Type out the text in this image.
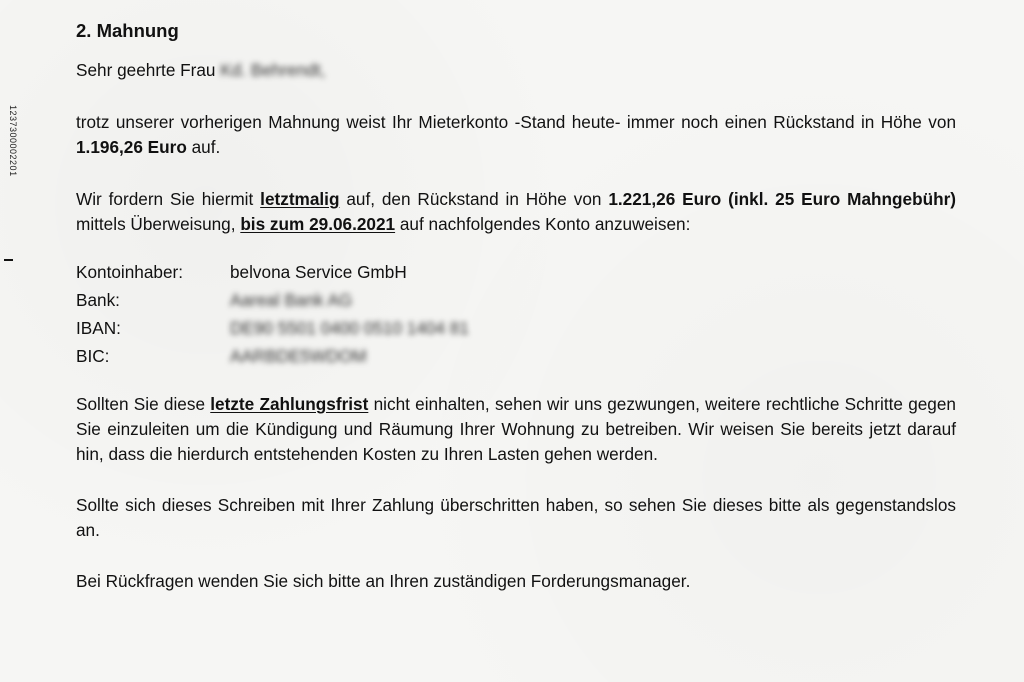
1237300002201
2. Mahnung

Sehr geehrte Frau Kd. Behrendt,

trotz unserer vorherigen Mahnung weist Ihr Mieterkonto -Stand heute- immer noch einen Rückstand in Höhe von 1.196,26 Euro auf.

Wir fordern Sie hiermit letztmalig auf, den Rückstand in Höhe von 1.221,26 Euro (inkl. 25 Euro Mahngebühr) mittels Überweisung, bis zum 29.06.2021 auf nachfolgendes Konto anzuweisen:

Kontoinhaber:	belvona Service GmbH
Bank:	Aareal Bank AG
IBAN:	DE90 5501 0400 0510 1404 81
BIC:	AARBDE5WDOM

Sollten Sie diese letzte Zahlungsfrist nicht einhalten, sehen wir uns gezwungen, weitere rechtliche Schritte gegen Sie einzuleiten um die Kündigung und Räumung Ihrer Wohnung zu betreiben. Wir weisen Sie bereits jetzt darauf hin, dass die hierdurch entstehenden Kosten zu Ihren Lasten gehen werden.

Sollte sich dieses Schreiben mit Ihrer Zahlung überschritten haben, so sehen Sie dieses bitte als gegenstandslos an.

Bei Rückfragen wenden Sie sich bitte an Ihren zuständigen Forderungsmanager.
